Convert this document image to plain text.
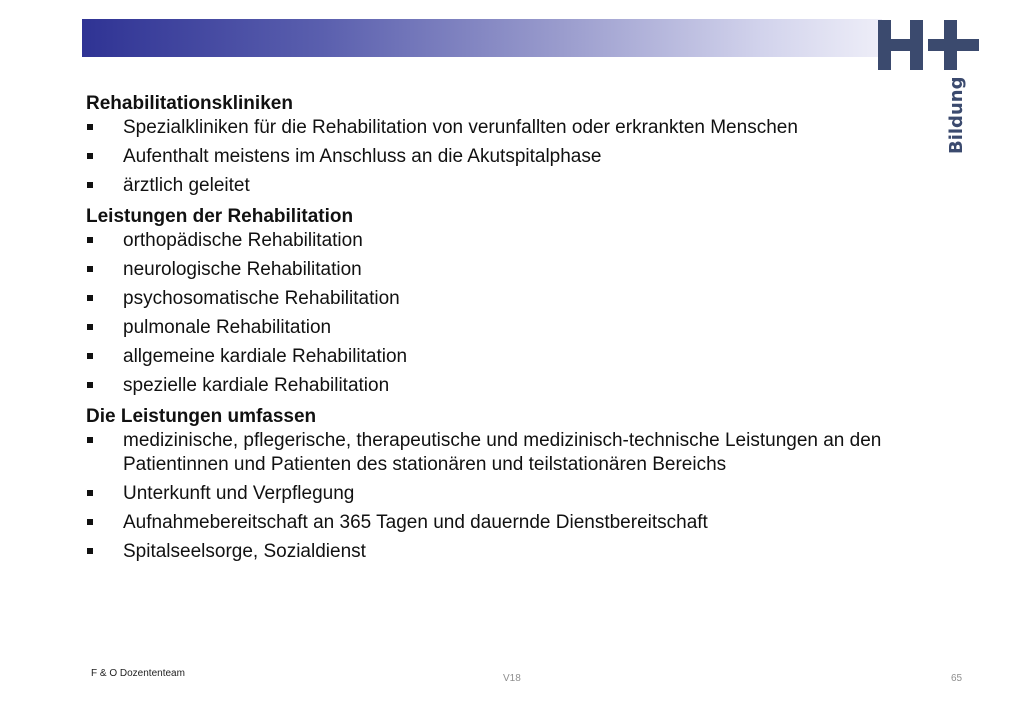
Bildung

Rehabilitationskliniken

Spezialkliniken für die Rehabilitation von verunfallten oder erkrankten Menschen
Aufenthalt meistens im Anschluss an die Akutspitalphase
ärztlich geleitet

Leistungen der Rehabilitation

orthopädische Rehabilitation
neurologische Rehabilitation
psychosomatische Rehabilitation
pulmonale Rehabilitation
allgemeine kardiale Rehabilitation
spezielle kardiale Rehabilitation

Die Leistungen umfassen

medizinische, pflegerische, therapeutische und medizinisch-technische Leistungen an den Patientinnen und Patienten des stationären und teilstationären Bereichs
Unterkunft und Verpflegung
Aufnahmebereitschaft an 365 Tagen und dauernde Dienstbereitschaft
Spitalseelsorge, Sozialdienst
F & O Dozententeam	V18	65
